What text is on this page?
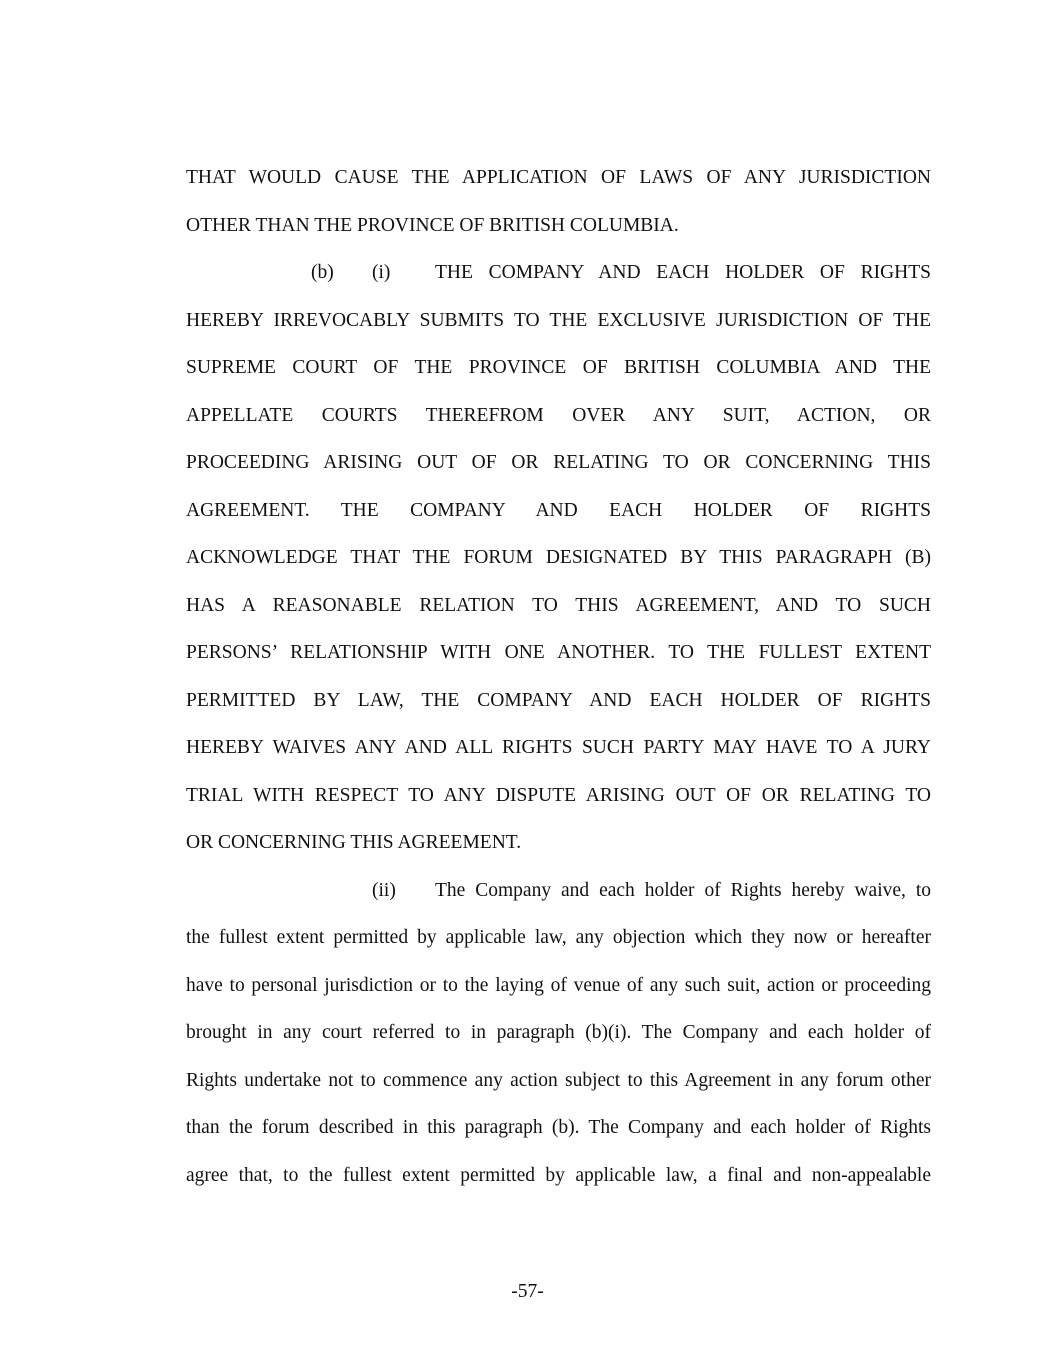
THAT WOULD CAUSE THE APPLICATION OF LAWS OF ANY JURISDICTION
OTHER THAN THE PROVINCE OF BRITISH COLUMBIA.
(b) (i) THE COMPANY AND EACH HOLDER OF RIGHTS
HEREBY IRREVOCABLY SUBMITS TO THE EXCLUSIVE JURISDICTION OF THE
SUPREME COURT OF THE PROVINCE OF BRITISH COLUMBIA AND THE
APPELLATE COURTS THEREFROM OVER ANY SUIT, ACTION, OR
PROCEEDING ARISING OUT OF OR RELATING TO OR CONCERNING THIS
AGREEMENT. THE COMPANY AND EACH HOLDER OF RIGHTS
ACKNOWLEDGE THAT THE FORUM DESIGNATED BY THIS PARAGRAPH (B)
HAS A REASONABLE RELATION TO THIS AGREEMENT, AND TO SUCH
PERSONS’ RELATIONSHIP WITH ONE ANOTHER. TO THE FULLEST EXTENT
PERMITTED BY LAW, THE COMPANY AND EACH HOLDER OF RIGHTS
HEREBY WAIVES ANY AND ALL RIGHTS SUCH PARTY MAY HAVE TO A JURY
TRIAL WITH RESPECT TO ANY DISPUTE ARISING OUT OF OR RELATING TO
OR CONCERNING THIS AGREEMENT.
(ii) The Company and each holder of Rights hereby waive, to
the fullest extent permitted by applicable law, any objection which they now or hereafter
have to personal jurisdiction or to the laying of venue of any such suit, action or proceeding
brought in any court referred to in paragraph (b)(i). The Company and each holder of
Rights undertake not to commence any action subject to this Agreement in any forum other
than the forum described in this paragraph (b). The Company and each holder of Rights
agree that, to the fullest extent permitted by applicable law, a final and non-appealable
-57-
